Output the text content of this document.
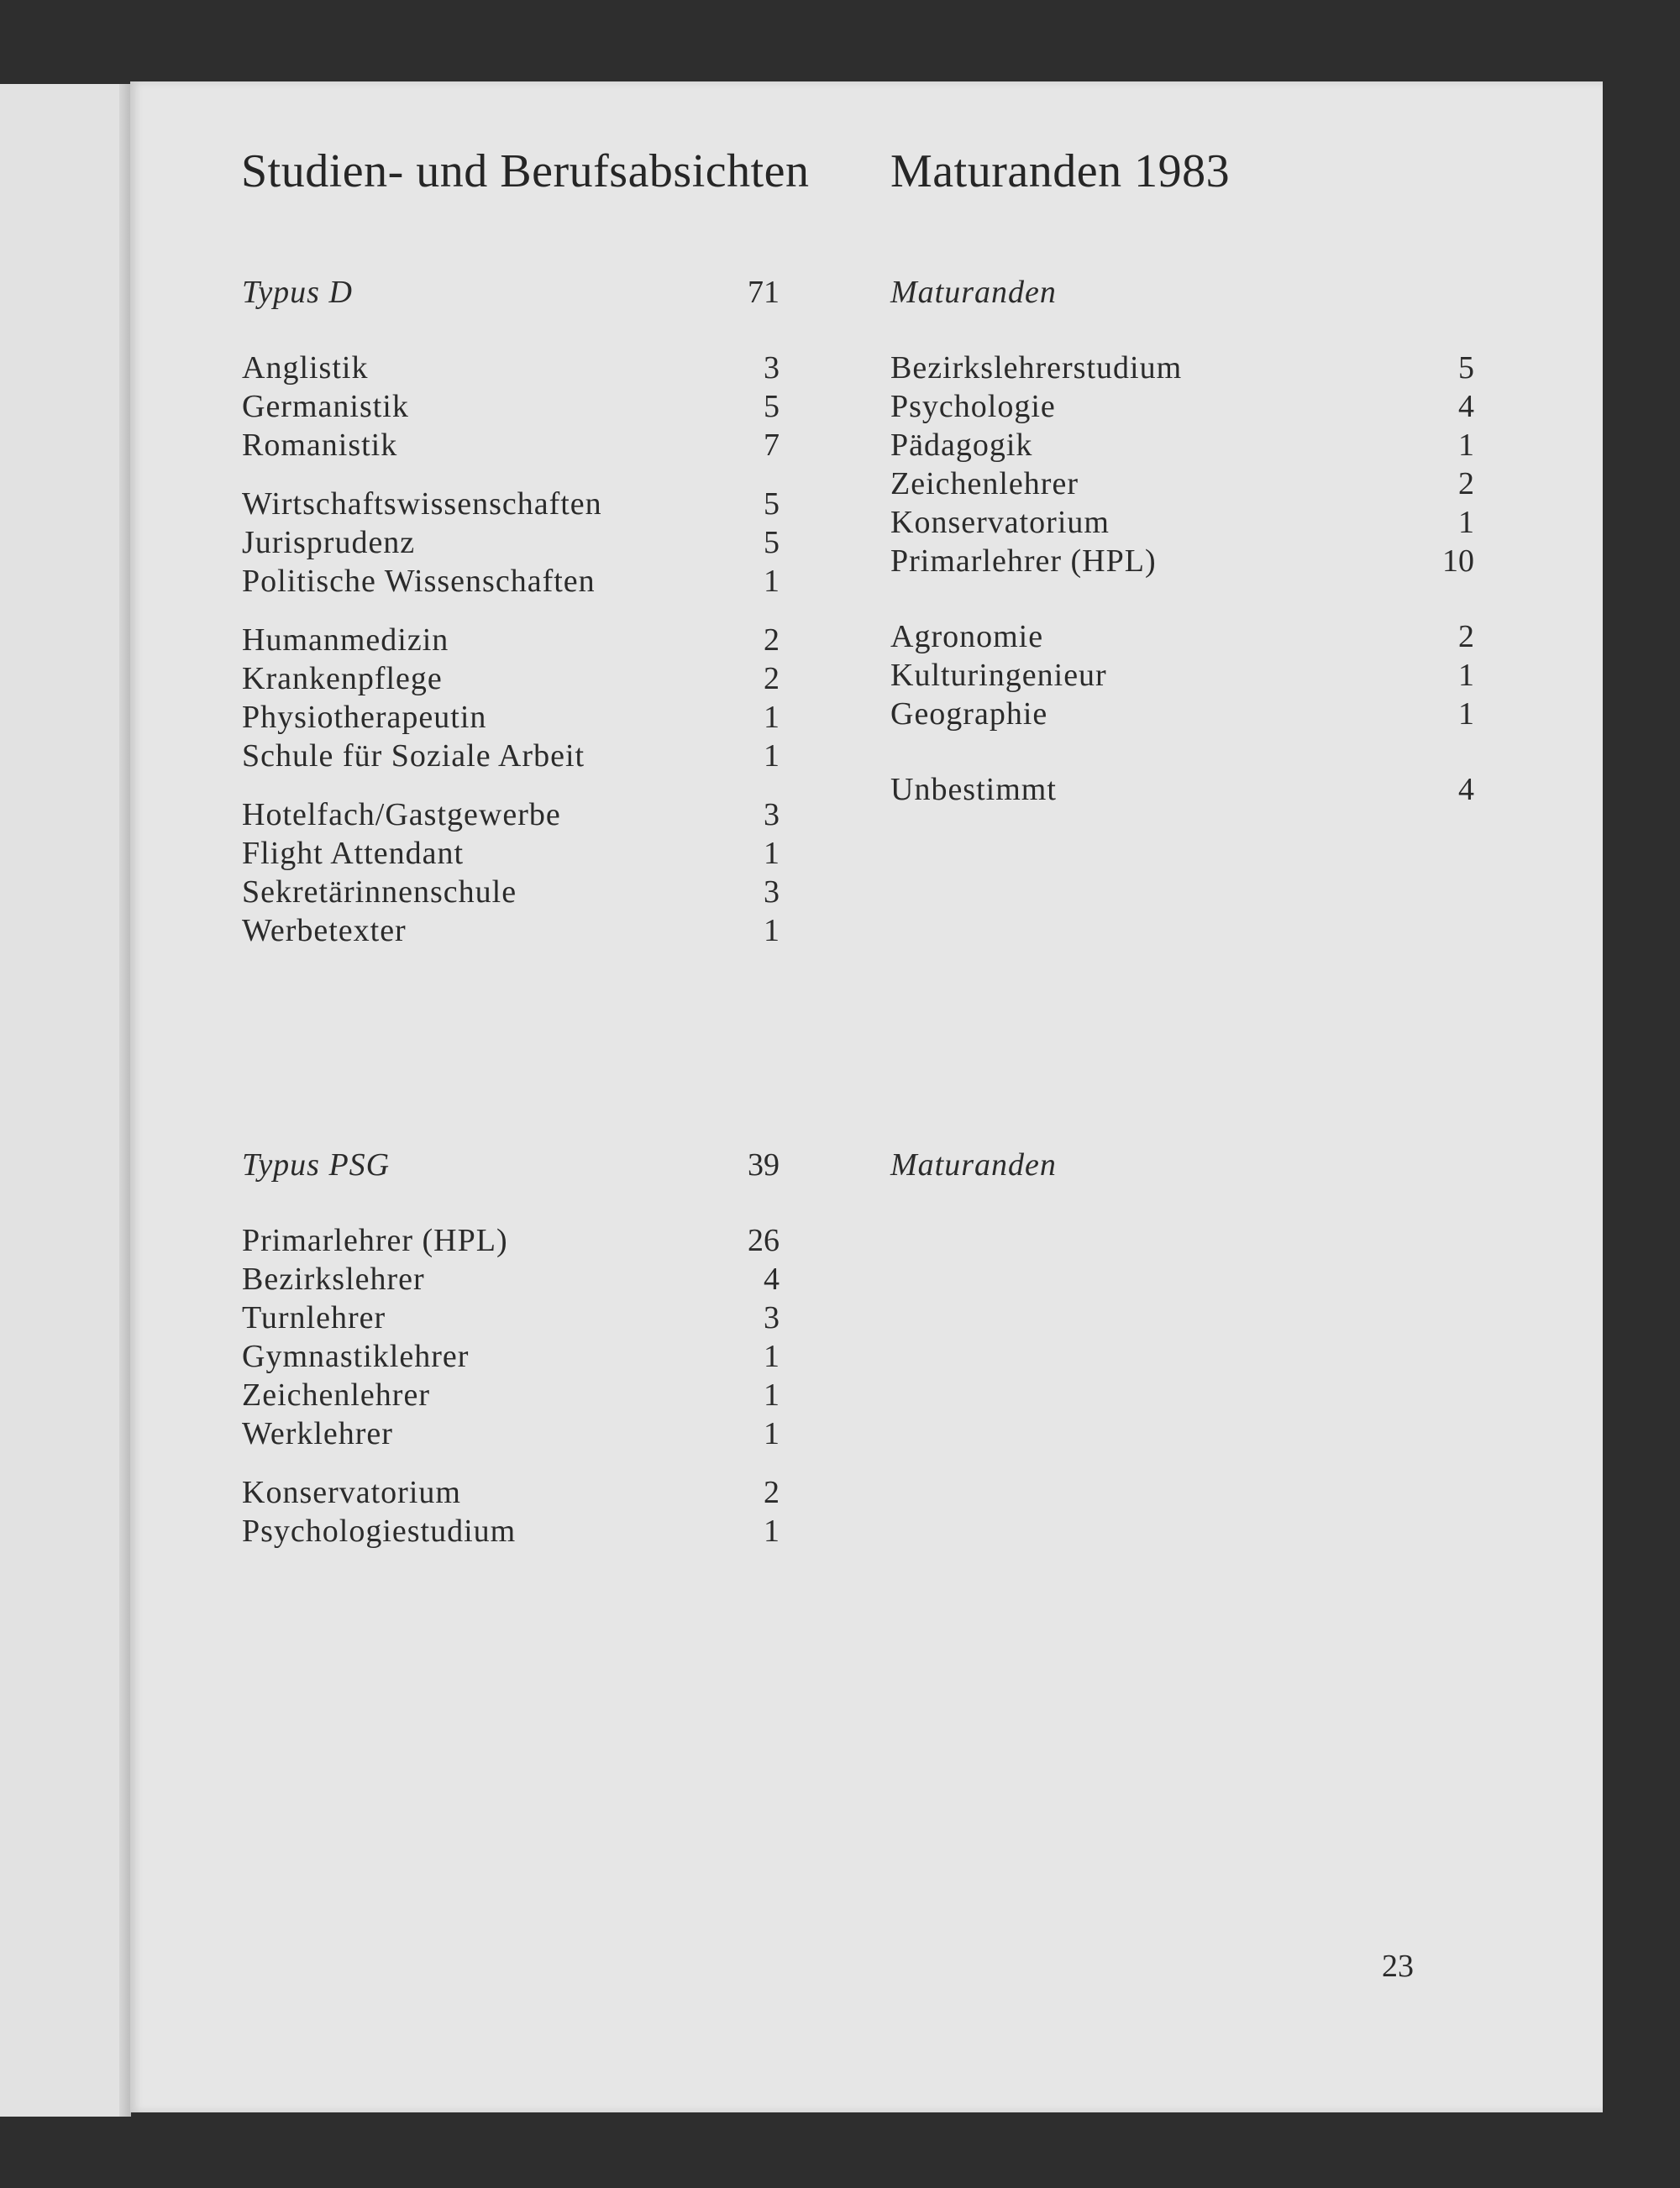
Studien- und Berufsabsichten Maturanden 1983
Typus D	71
Anglistik	3
Germanistik	5
Romanistik	7
Wirtschaftswissenschaften	5
Jurisprudenz	5
Politische Wissenschaften	1
Humanmedizin	2
Krankenpflege	2
Physiotherapeutin	1
Schule für Soziale Arbeit	1
Hotelfach/Gastgewerbe	3
Flight Attendant	1
Sekretärinnenschule	3
Werbetexter	1
Maturanden
Bezirkslehrerstudium	5
Psychologie	4
Pädagogik	1
Zeichenlehrer	2
Konservatorium	1
Primarlehrer (HPL)	10
Agronomie	2
Kulturingenieur	1
Geographie	1
Unbestimmt	4
Typus PSG	39
Primarlehrer (HPL)	26
Bezirkslehrer	4
Turnlehrer	3
Gymnastiklehrer	1
Zeichenlehrer	1
Werklehrer	1
Konservatorium	2
Psychologiestudium	1
Maturanden

23
